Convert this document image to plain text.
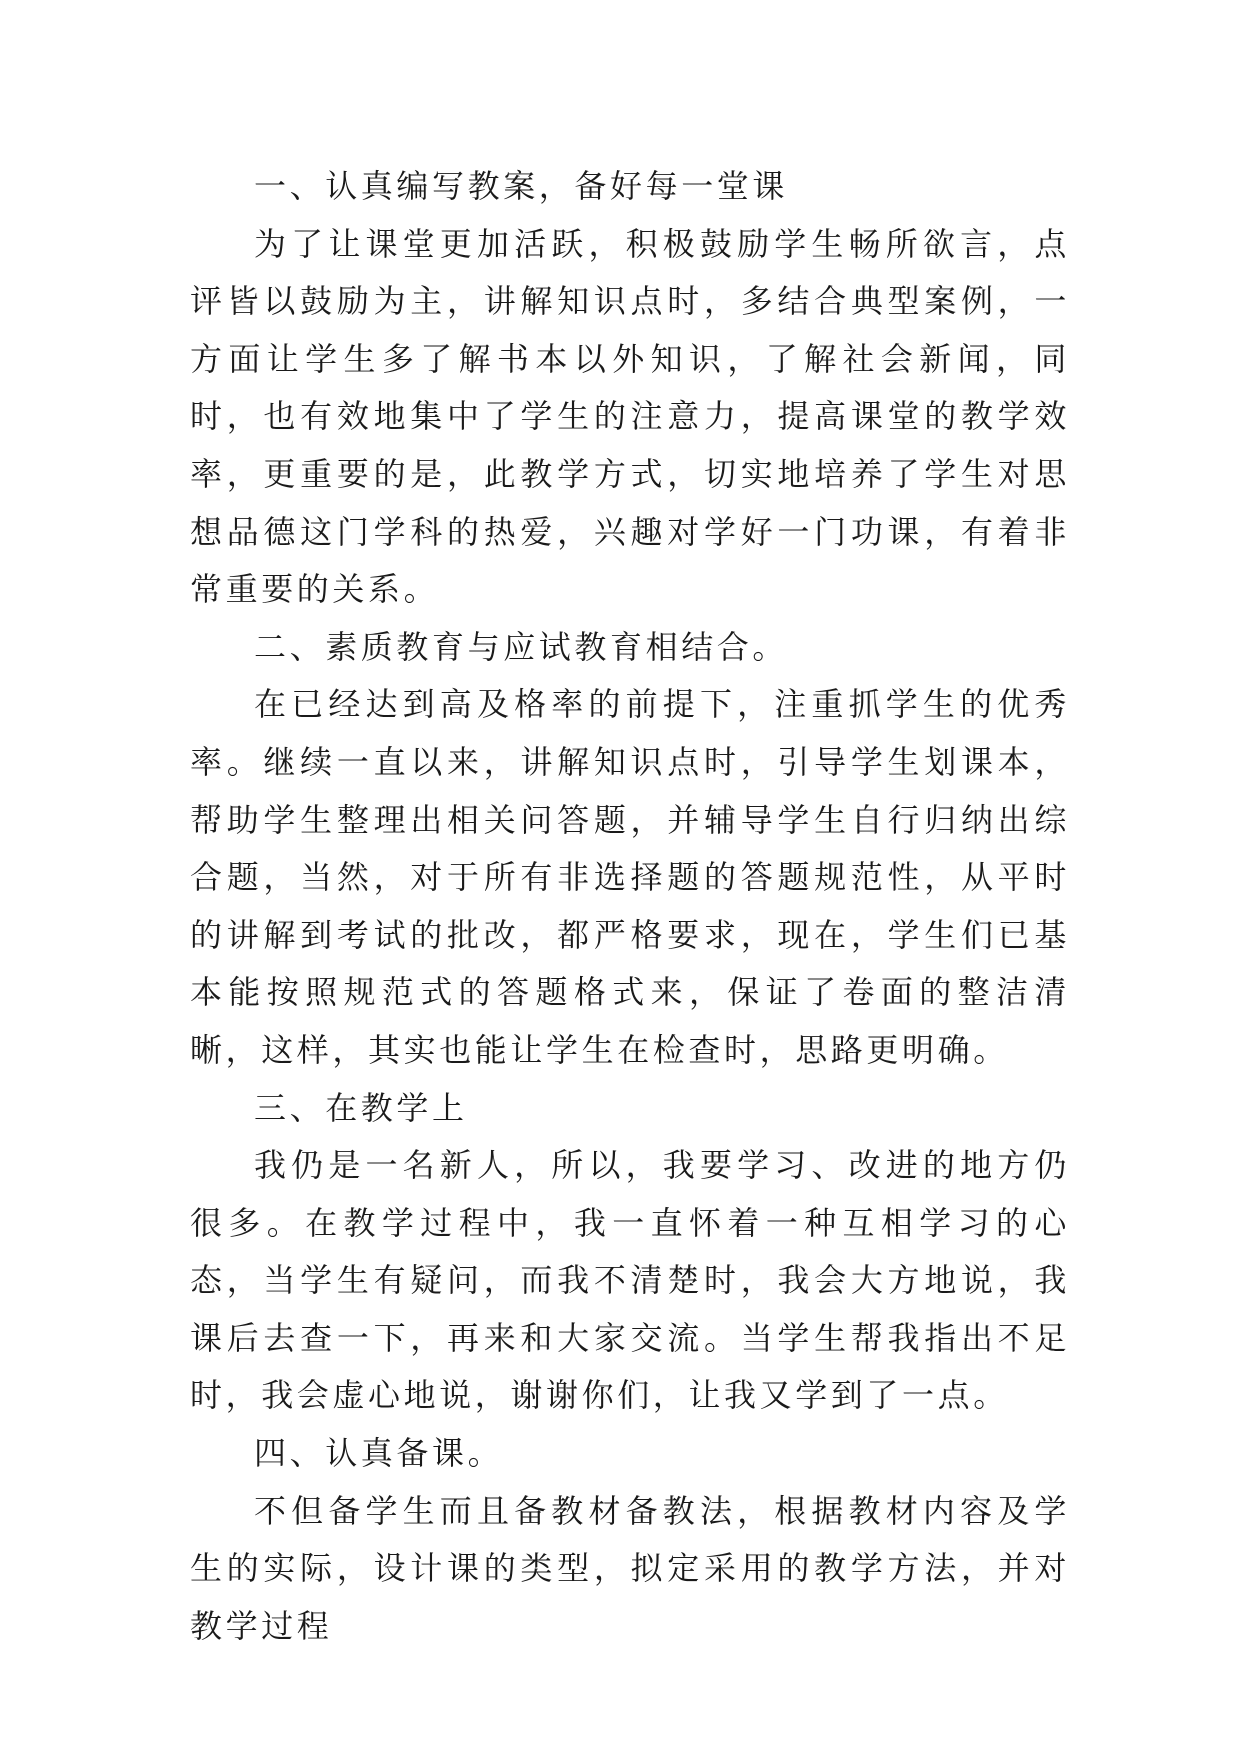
一、认真编写教案，备好每一堂课

为了让课堂更加活跃，积极鼓励学生畅所欲言，点评皆以鼓励为主，讲解知识点时，多结合典型案例，一方面让学生多了解书本以外知识，了解社会新闻，同时，也有效地集中了学生的注意力，提高课堂的教学效率，更重要的是，此教学方式，切实地培养了学生对思想品德这门学科的热爱，兴趣对学好一门功课，有着非常重要的关系。

二、素质教育与应试教育相结合。

在已经达到高及格率的前提下，注重抓学生的优秀率。继续一直以来，讲解知识点时，引导学生划课本，帮助学生整理出相关问答题，并辅导学生自行归纳出综合题，当然，对于所有非选择题的答题规范性，从平时的讲解到考试的批改，都严格要求，现在，学生们已基本能按照规范式的答题格式来，保证了卷面的整洁清晰，这样，其实也能让学生在检查时，思路更明确。

三、在教学上

我仍是一名新人，所以，我要学习、改进的地方仍很多。在教学过程中，我一直怀着一种互相学习的心态，当学生有疑问，而我不清楚时，我会大方地说，我课后去查一下，再来和大家交流。当学生帮我指出不足时，我会虚心地说，谢谢你们，让我又学到了一点。

四、认真备课。

不但备学生而且备教材备教法，根据教材内容及学生的实际，设计课的类型，拟定采用的教学方法，并对教学过程
